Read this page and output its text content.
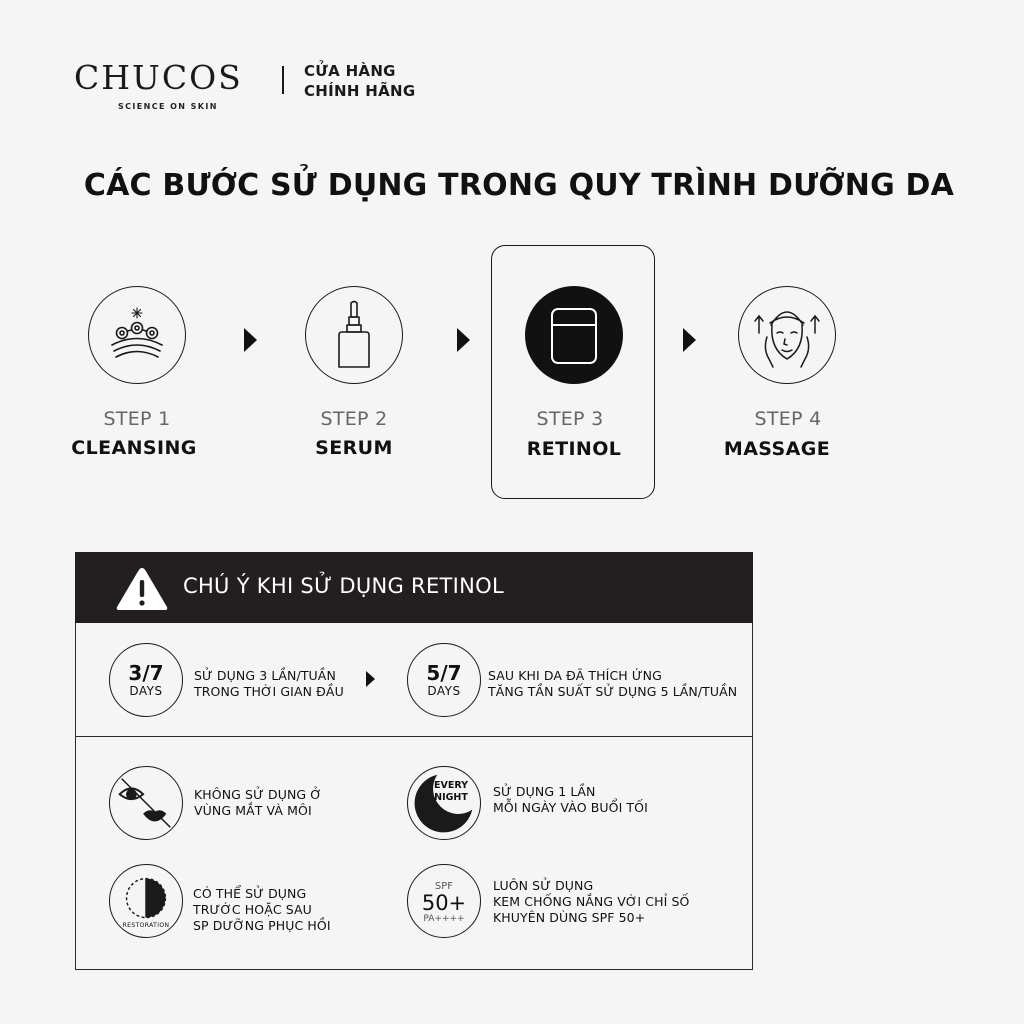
CHUCOS
SCIENCE ON SKIN
CỬA HÀNG
CHÍNH HÃNG
CÁC BƯỚC SỬ DỤNG TRONG QUY TRÌNH DƯỠNG DA
STEP 1
CLEANSING
STEP 2
SERUM
STEP 3
RETINOL
STEP 4
MASSAGE
CHÚ Ý KHI SỬ DỤNG RETINOL
3/7
DAYS
SỬ DỤNG 3 LẦN/TUẦN
TRONG THỜI GIAN ĐẦU
5/7
DAYS
SAU KHI DA ĐÃ THÍCH ỨNG
TĂNG TẦN SUẤT SỬ DỤNG 5 LẦN/TUẦN
KHÔNG SỬ DỤNG Ở
VÙNG MẮT VÀ MÔI
EVERY
NIGHT	SỬ DỤNG 1 LẦN
MỖI NGÀY VÀO BUỔI TỐI
RESTORATION
CÓ THỂ SỬ DỤNG
TRƯỚC HOẶC SAU
SP DƯỠNG PHỤC HỒI
SPF
50+
PA++++
LUÔN SỬ DỤNG
KEM CHỐNG NẮNG VỚI CHỈ SỐ
KHUYÊN DÙNG SPF 50+
